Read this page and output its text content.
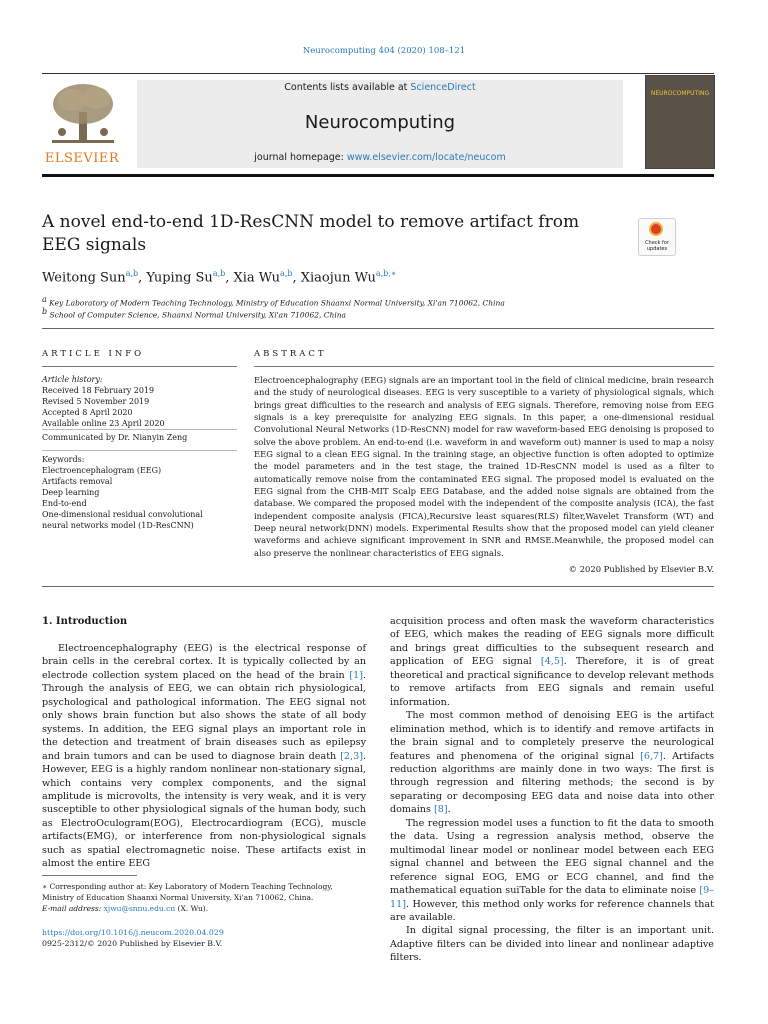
Neurocomputing 404 (2020) 108–121
ELSEVIER
Contents lists available at ScienceDirect
Neurocomputing
journal homepage: www.elsevier.com/locate/neucom
NEUROCOMPUTING
A novel end-to-end 1D-ResCNN model to remove artifact from EEG signals	Check for updates
Weitong Sun$^{a,b}$, Yuping Su$^{a,b}$, Xia Wu$^{a,b}$, Xiaojun $Wu^{a,b,∗}$
$^a$ Key Laboratory of Modern Teaching Technology, Ministry of Education Shaanxi Normal University, Xi'an 710062, China
$^b$ School of Computer Science, Shaanxi Normal University, Xi'an 710062, China
ARTICLE INFO
Article history:
Received 18 February 2019
Revised 5 November 2019
Accepted 8 April 2020
Available online 23 April 2020
Communicated by Dr. Nianyin Zeng
Keywords:
Electroencephalogram (EEG)
Artifacts removal
Deep learning
End-to-end
One-dimensional residual convolutional
neural networks model (1D-ResCNN)
ABSTRACT
Electroencephalography (EEG) signals are an important tool in the field of clinical medicine, brain research and the study of neurological diseases. EEG is very susceptible to a variety of physiological signals, which brings great difficulties to the research and analysis of EEG signals. Therefore, removing noise from EEG signals is a key prerequisite for analyzing EEG signals. In this paper, a one-dimensional residual Convolutional Neural Networks (1D-ResCNN) model for raw waveform-based EEG denoising is proposed to solve the above problem. An end-to-end (i.e. waveform in and waveform out) manner is used to map a noisy EEG signal to a clean EEG signal. In the training stage, an objective function is often adopted to optimize the model parameters and in the test stage, the trained 1D-ResCNN model is used as a filter to automatically remove noise from the contaminated EEG signal. The proposed model is evaluated on the EEG signal from the CHB-MIT Scalp EEG Database, and the added noise signals are obtained from the database. We compared the proposed model with the independent of the composite analysis (ICA), the fast independent composite analysis (FICA),Recursive least squares(RLS) filter,Wavelet Transform (WT) and Deep neural network(DNN) models. Experimental Results show that the proposed model can yield cleaner waveforms and achieve significant improvement in SNR and RMSE.Meanwhile, the proposed model can also preserve the nonlinear characteristics of EEG signals.
© 2020 Published by Elsevier B.V.
1. Introduction

Electroencephalography (EEG) is the electrical response of brain cells in the cerebral cortex. It is typically collected by an electrode collection system placed on the head of the brain [1]. Through the analysis of EEG, we can obtain rich physiological, psychological and pathological information. The EEG signal not only shows brain function but also shows the state of all body systems. In addition, the EEG signal plays an important role in the detection and treatment of brain diseases such as epilepsy and brain tumors and can be used to diagnose brain death [2,3]. However, EEG is a highly random nonlinear non-stationary signal, which contains very complex components, and the signal amplitude is microvolts, the intensity is very weak, and it is very susceptible to other physiological signals of the human body, such as ElectroOculogram(EOG), Electrocardiogram (ECG), muscle artifacts(EMG), or interference from non-physiological signals such as spatial electromagnetic noise. These artifacts exist in almost the entire EEG

acquisition process and often mask the waveform characteristics of EEG, which makes the reading of EEG signals more difficult and brings great difficulties to the subsequent research and application of EEG signal [4,5]. Therefore, it is of great theoretical and practical significance to develop relevant methods to remove artifacts from EEG signals and remain useful information.

The most common method of denoising EEG is the artifact elimination method, which is to identify and remove artifacts in the brain signal and to completely preserve the neurological features and phenomena of the original signal [6,7]. Artifacts reduction algorithms are mainly done in two ways: The first is through regression and filtering methods; the second is by separating or decomposing EEG data and noise data into other domains [8].

The regression model uses a function to fit the data to smooth the data. Using a regression analysis method, observe the multimodal linear model or nonlinear model between each EEG signal channel and between the EEG signal channel and the reference signal EOG, EMG or ECG channel, and find the mathematical equation suiTable for the data to eliminate noise [9–11]. However, this method only works for reference channels that are available.

In digital signal processing, the filter is an important unit. Adaptive filters can be divided into linear and nonlinear adaptive filters.

∗ Corresponding author at: Key Laboratory of Modern Teaching Technology, Ministry of Education Shaanxi Normal University, Xi'an 710062, China.
E-mail address: xjwu@snnu.edu.cn (X. Wu).
https://doi.org/10.1016/j.neucom.2020.04.029
0925-2312/© 2020 Published by Elsevier B.V.
